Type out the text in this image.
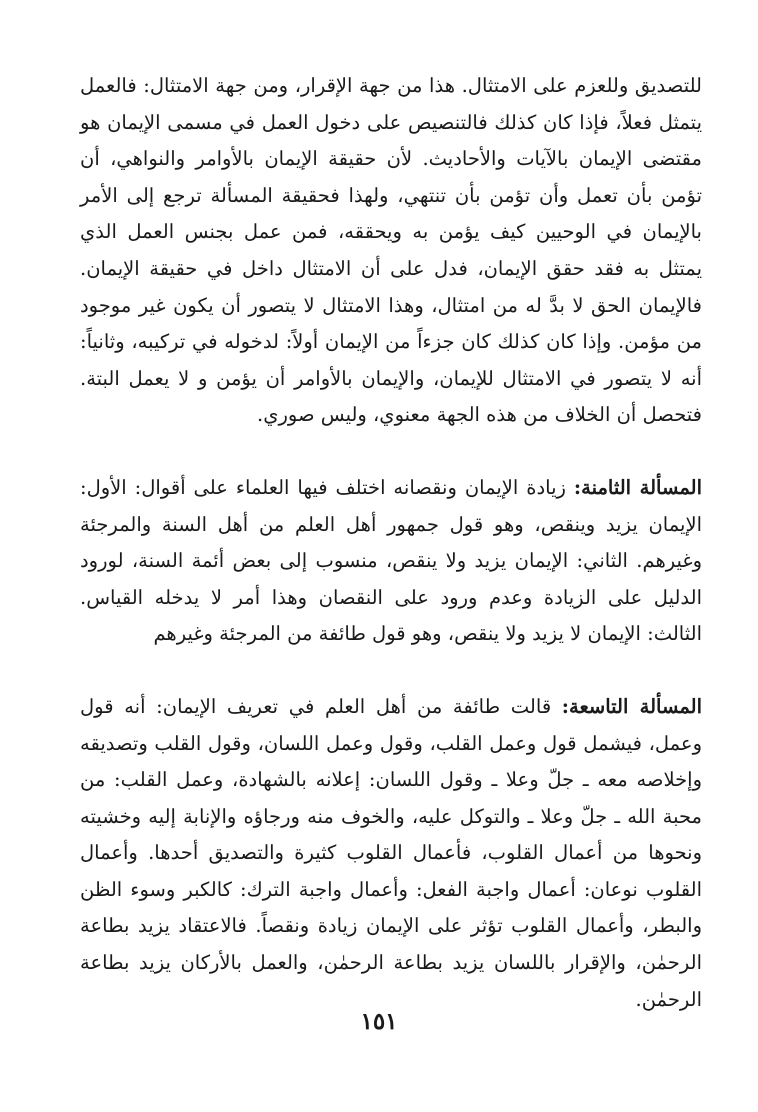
للتصديق وللعزم على الامتثال. هذا من جهة الإقرار، ومن جهة الامتثال: فالعمل يتمثل فعلاً، فإذا كان كذلك فالتنصيص على دخول العمل في مسمى الإيمان هو مقتضى الإيمان بالآيات والأحاديث. لأن حقيقة الإيمان بالأوامر والنواهي، أن تؤمن بأن تعمل وأن تؤمن بأن تنتهي، ولهذا فحقيقة المسألة ترجع إلى الأمر بالإيمان في الوحيين كيف يؤمن به ويحققه، فمن عمل بجنس العمل الذي يمتثل به فقد حقق الإيمان، فدل على أن الامتثال داخل في حقيقة الإيمان. فالإيمان الحق لا بدَّ له من امتثال، وهذا الامتثال لا يتصور أن يكون غير موجود من مؤمن. وإذا كان كذلك كان جزءاً من الإيمان أولاً: لدخوله في تركيبه، وثانياً: أنه لا يتصور في الامتثال للإيمان، والإيمان بالأوامر أن يؤمن و لا يعمل البتة. فتحصل أن الخلاف من هذه الجهة معنوي، وليس صوري.

المسألة الثامنة: زيادة الإيمان ونقصانه اختلف فيها العلماء على أقوال: الأول: الإيمان يزيد وينقص، وهو قول جمهور أهل العلم من أهل السنة والمرجئة وغيرهم. الثاني: الإيمان يزيد ولا ينقص، منسوب إلى بعض أئمة السنة، لورود الدليل على الزيادة وعدم ورود على النقصان وهذا أمر لا يدخله القياس. الثالث: الإيمان لا يزيد ولا ينقص، وهو قول طائفة من المرجئة وغيرهم

المسألة التاسعة: قالت طائفة من أهل العلم في تعريف الإيمان: أنه قول وعمل، فيشمل قول وعمل القلب، وقول وعمل اللسان، وقول القلب وتصديقه وإخلاصه معه ـ جلّ وعلا ـ وقول اللسان: إعلانه بالشهادة، وعمل القلب: من محبة الله ـ جلّ وعلا ـ والتوكل عليه، والخوف منه ورجاؤه والإنابة إليه وخشيته ونحوها من أعمال القلوب، فأعمال القلوب كثيرة والتصديق أحدها. وأعمال القلوب نوعان: أعمال واجبة الفعل: وأعمال واجبة الترك: كالكبر وسوء الظن والبطر، وأعمال القلوب تؤثر على الإيمان زيادة ونقصاً. فالاعتقاد يزيد بطاعة الرحمٰن، والإقرار باللسان يزيد بطاعة الرحمٰن، والعمل بالأركان يزيد بطاعة الرحمٰن.

١٥١
